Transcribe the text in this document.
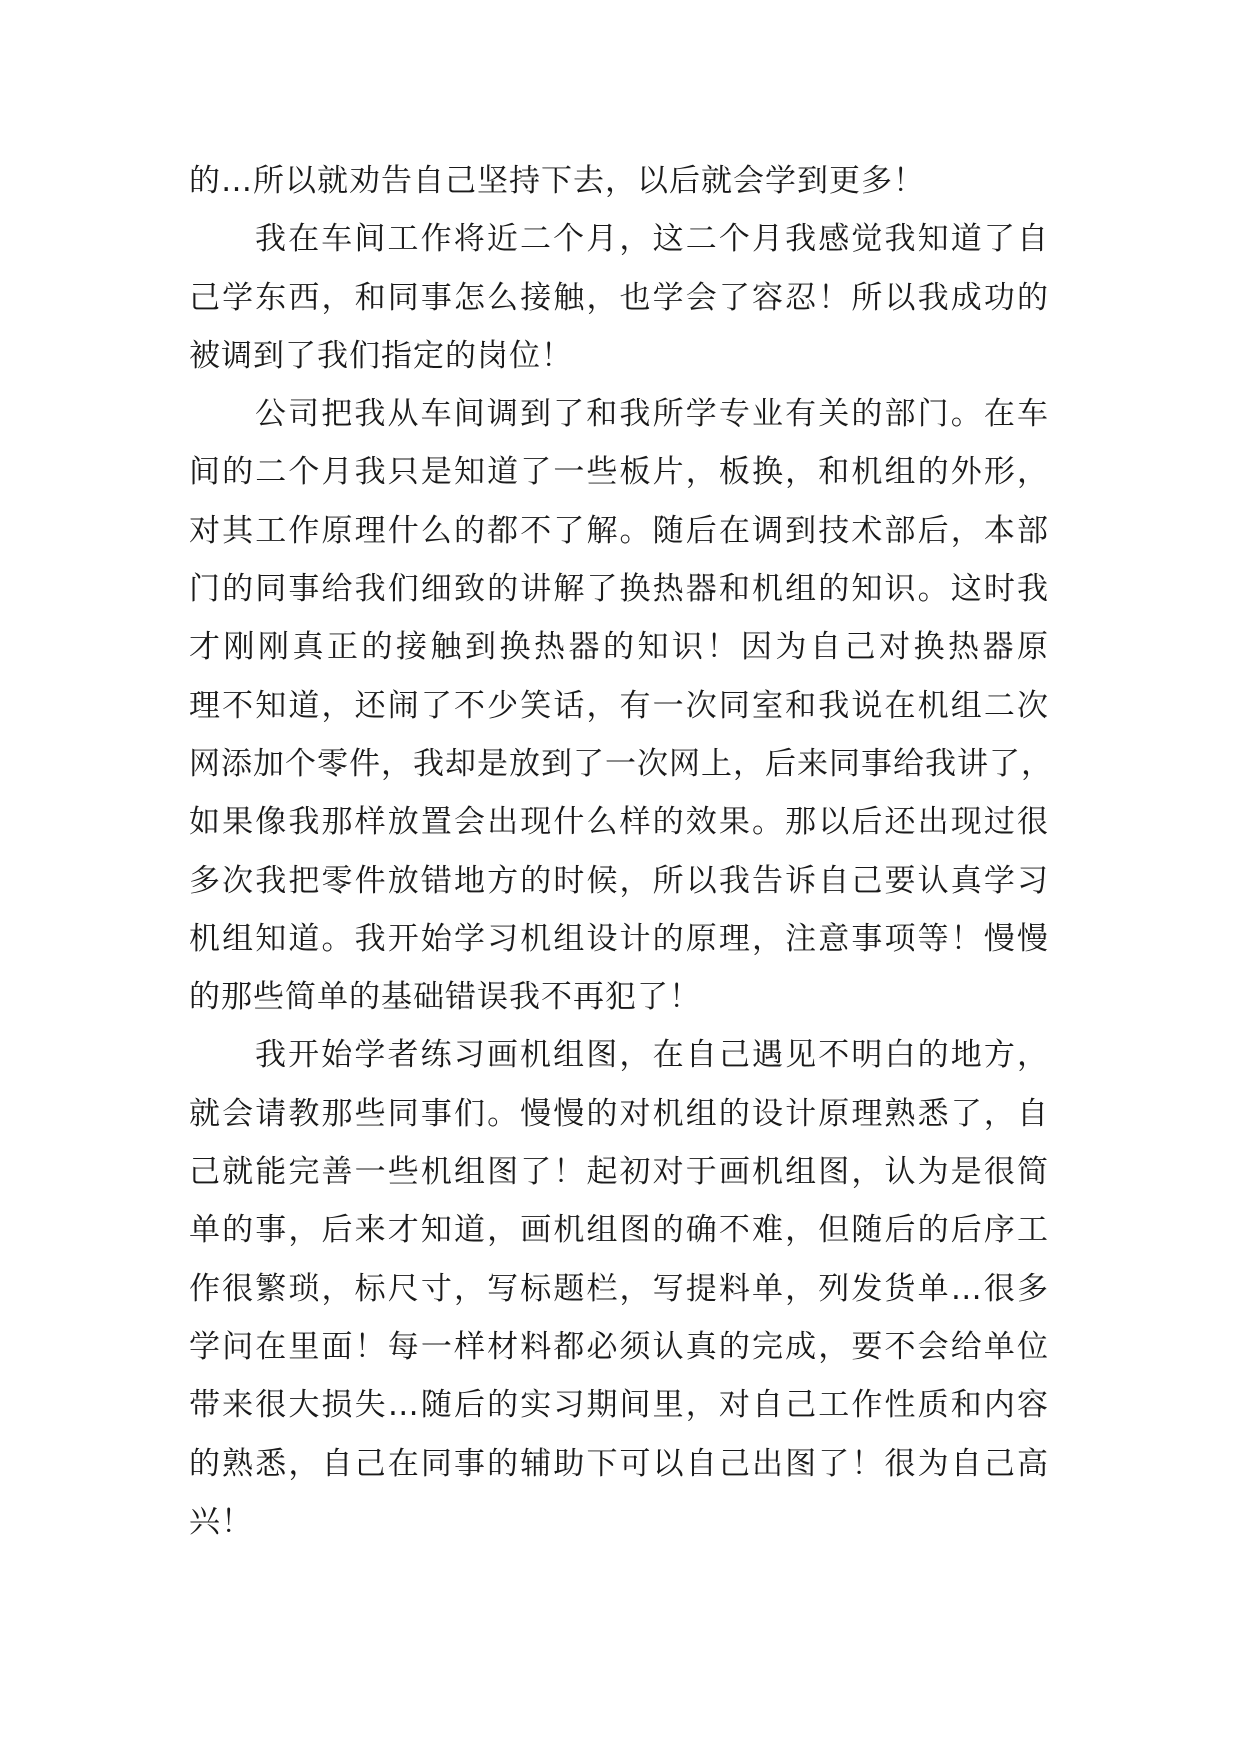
的…所以就劝告自己坚持下去，以后就会学到更多！
我在车间工作将近二个月，这二个月我感觉我知道了自
己学东西，和同事怎么接触，也学会了容忍！所以我成功的
被调到了我们指定的岗位！
公司把我从车间调到了和我所学专业有关的部门。在车
间的二个月我只是知道了一些板片，板换，和机组的外形，
对其工作原理什么的都不了解。随后在调到技术部后，本部
门的同事给我们细致的讲解了换热器和机组的知识。这时我
才刚刚真正的接触到换热器的知识！因为自己对换热器原
理不知道，还闹了不少笑话，有一次同室和我说在机组二次
网添加个零件，我却是放到了一次网上，后来同事给我讲了，
如果像我那样放置会出现什么样的效果。那以后还出现过很
多次我把零件放错地方的时候，所以我告诉自己要认真学习
机组知道。我开始学习机组设计的原理，注意事项等！慢慢
的那些简单的基础错误我不再犯了！
我开始学者练习画机组图，在自己遇见不明白的地方，
就会请教那些同事们。慢慢的对机组的设计原理熟悉了，自
己就能完善一些机组图了！起初对于画机组图，认为是很简
单的事，后来才知道，画机组图的确不难，但随后的后序工
作很繁琐，标尺寸，写标题栏，写提料单，列发货单…很多
学问在里面！每一样材料都必须认真的完成，要不会给单位
带来很大损失…随后的实习期间里，对自己工作性质和内容
的熟悉，自己在同事的辅助下可以自己出图了！很为自己高
兴！
